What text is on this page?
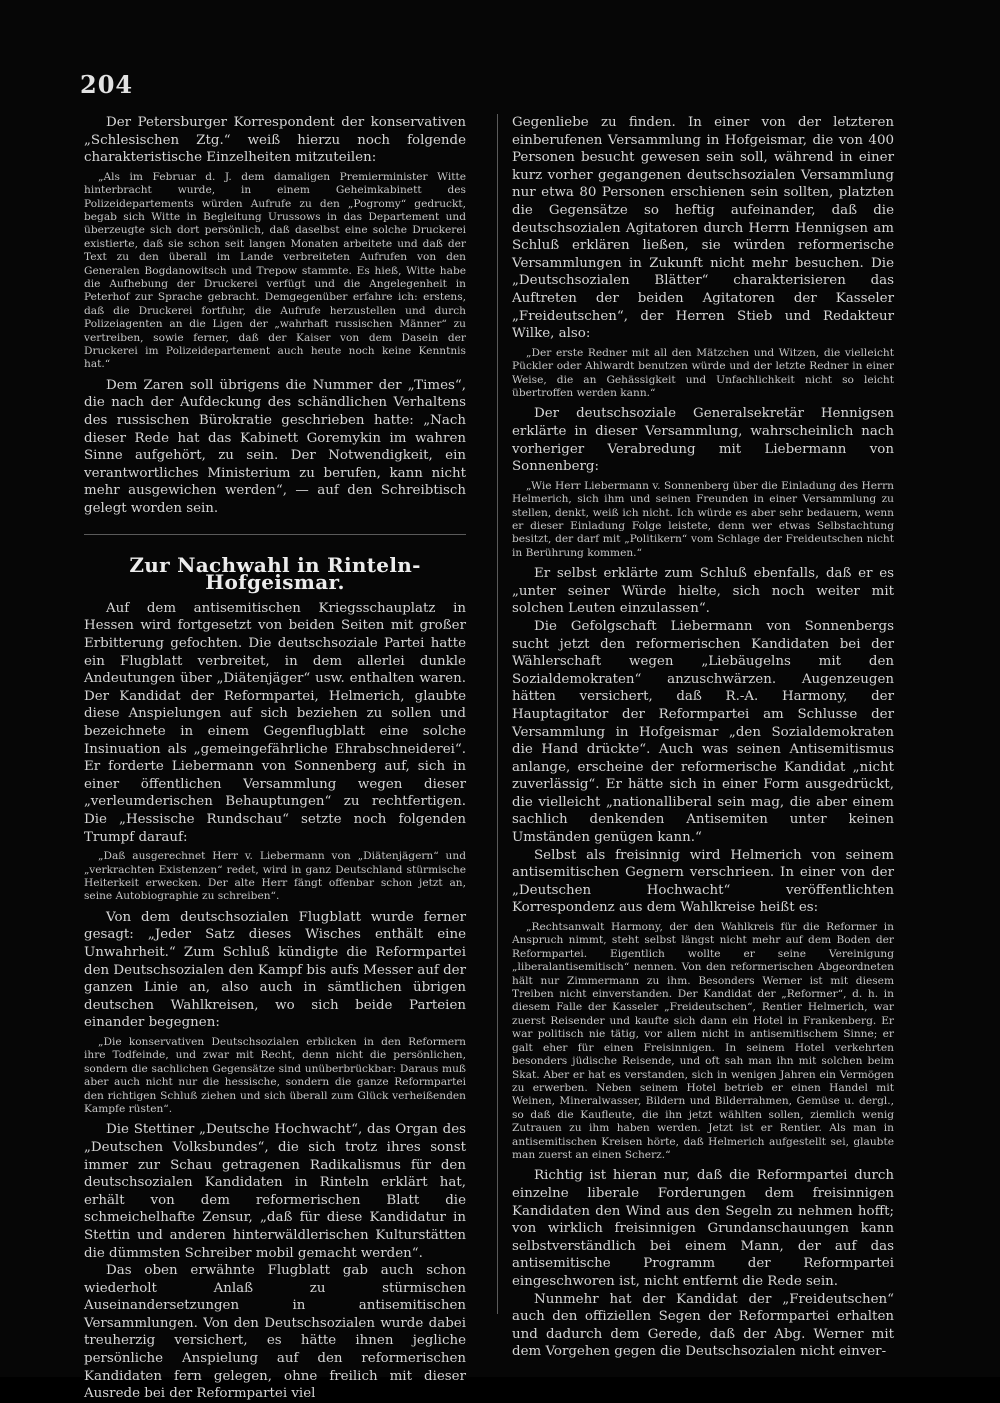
204

Der Petersburger Korrespondent der konservativen „Schlesischen Ztg.“ weiß hierzu noch folgende charakteristische Einzelheiten mitzuteilen:

„Als im Februar d. J. dem damaligen Premierminister Witte hinterbracht wurde, in einem Geheimkabinett des Polizeidepartements würden Aufrufe zu den „Pogromy“ gedruckt, begab sich Witte in Begleitung Urussows in das Departement und überzeugte sich dort persönlich, daß daselbst eine solche Druckerei existierte, daß sie schon seit langen Monaten arbeitete und daß der Text zu den überall im Lande verbreiteten Aufrufen von den Generalen Bogdanowitsch und Trepow stammte. Es hieß, Witte habe die Aufhebung der Druckerei verfügt und die Angelegenheit in Peterhof zur Sprache gebracht. Demgegenüber erfahre ich: erstens, daß die Druckerei fortfuhr, die Aufrufe herzustellen und durch Polizeiagenten an die Ligen der „wahrhaft russischen Männer“ zu vertreiben, sowie ferner, daß der Kaiser von dem Dasein der Druckerei im Polizeidepartement auch heute noch keine Kenntnis hat.“

Dem Zaren soll übrigens die Nummer der „Times“, die nach der Aufdeckung des schändlichen Verhaltens des russischen Bürokratie geschrieben hatte: „Nach dieser Rede hat das Kabinett Goremykin im wahren Sinne aufgehört, zu sein. Der Notwendigkeit, ein verantwortliches Ministerium zu berufen, kann nicht mehr ausgewichen werden“, — auf den Schreibtisch gelegt worden sein.

Zur Nachwahl in Rinteln-Hofgeismar.

Auf dem antisemitischen Kriegsschauplatz in Hessen wird fortgesetzt von beiden Seiten mit großer Erbitterung gefochten. Die deutschsoziale Partei hatte ein Flugblatt verbreitet, in dem allerlei dunkle Andeutungen über „Diätenjäger“ usw. enthalten waren. Der Kandidat der Reformpartei, Helmerich, glaubte diese Anspielungen auf sich beziehen zu sollen und bezeichnete in einem Gegenflugblatt eine solche Insinuation als „gemeingefährliche Ehrabschneiderei“. Er forderte Liebermann von Sonnenberg auf, sich in einer öffentlichen Versammlung wegen dieser „verleumderischen Behauptungen“ zu rechtfertigen. Die „Hessische Rundschau“ setzte noch folgenden Trumpf darauf:

„Daß ausgerechnet Herr v. Liebermann von „Diätenjägern“ und „verkrachten Existenzen“ redet, wird in ganz Deutschland stürmische Heiterkeit erwecken. Der alte Herr fängt offenbar schon jetzt an, seine Autobiographie zu schreiben“.

Von dem deutschsozialen Flugblatt wurde ferner gesagt: „Jeder Satz dieses Wisches enthält eine Unwahrheit.“ Zum Schluß kündigte die Reformpartei den Deutschsozialen den Kampf bis aufs Messer auf der ganzen Linie an, also auch in sämtlichen übrigen deutschen Wahlkreisen, wo sich beide Parteien einander begegnen:

„Die konservativen Deutschsozialen erblicken in den Reformern ihre Todfeinde, und zwar mit Recht, denn nicht die persönlichen, sondern die sachlichen Gegensätze sind unüberbrückbar: Daraus muß aber auch nicht nur die hessische, sondern die ganze Reformpartei den richtigen Schluß ziehen und sich überall zum Glück verheißenden Kampfe rüsten“.

Die Stettiner „Deutsche Hochwacht“, das Organ des „Deutschen Volksbundes“, die sich trotz ihres sonst immer zur Schau getragenen Radikalismus für den deutschsozialen Kandidaten in Rinteln erklärt hat, erhält von dem reformerischen Blatt die schmeichelhafte Zensur, „daß für diese Kandidatur in Stettin und anderen hinterwäldlerischen Kulturstätten die dümmsten Schreiber mobil gemacht werden“.

Das oben erwähnte Flugblatt gab auch schon wiederholt Anlaß zu stürmischen Auseinandersetzungen in antisemitischen Versammlungen. Von den Deutschsozialen wurde dabei treuherzig versichert, es hätte ihnen jegliche persönliche Anspielung auf den reformerischen Kandidaten fern gelegen, ohne freilich mit dieser Ausrede bei der Reformpartei viel

Gegenliebe zu finden. In einer von der letzteren einberufenen Versammlung in Hofgeismar, die von 400 Personen besucht gewesen sein soll, während in einer kurz vorher gegangenen deutschsozialen Versammlung nur etwa 80 Personen erschienen sein sollten, platzten die Gegensätze so heftig aufeinander, daß die deutschsozialen Agitatoren durch Herrn Hennigsen am Schluß erklären ließen, sie würden reformerische Versammlungen in Zukunft nicht mehr besuchen. Die „Deutschsozialen Blätter“ charakterisieren das Auftreten der beiden Agitatoren der Kasseler „Freideutschen“, der Herren Stieb und Redakteur Wilke, also:

„Der erste Redner mit all den Mätzchen und Witzen, die vielleicht Pückler oder Ahlwardt benutzen würde und der letzte Redner in einer Weise, die an Gehässigkeit und Unfachlichkeit nicht so leicht übertroffen werden kann.“

Der deutschsoziale Generalsekretär Hennigsen erklärte in dieser Versammlung, wahrscheinlich nach vorheriger Verabredung mit Liebermann von Sonnenberg:

„Wie Herr Liebermann v. Sonnenberg über die Einladung des Herrn Helmerich, sich ihm und seinen Freunden in einer Versammlung zu stellen, denkt, weiß ich nicht. Ich würde es aber sehr bedauern, wenn er dieser Einladung Folge leistete, denn wer etwas Selbstachtung besitzt, der darf mit „Politikern“ vom Schlage der Freideutschen nicht in Berührung kommen.“

Er selbst erklärte zum Schluß ebenfalls, daß er es „unter seiner Würde hielte, sich noch weiter mit solchen Leuten einzulassen“.

Die Gefolgschaft Liebermann von Sonnenbergs sucht jetzt den reformerischen Kandidaten bei der Wählerschaft wegen „Liebäugelns mit den Sozialdemokraten“ anzuschwärzen. Augenzeugen hätten versichert, daß R.-A. Harmony, der Hauptagitator der Reformpartei am Schlusse der Versammlung in Hofgeismar „den Sozialdemokraten die Hand drückte“. Auch was seinen Antisemitismus anlange, erscheine der reformerische Kandidat „nicht zuverlässig“. Er hätte sich in einer Form ausgedrückt, die vielleicht „nationalliberal sein mag, die aber einem sachlich denkenden Antisemiten unter keinen Umständen genügen kann.“

Selbst als freisinnig wird Helmerich von seinem antisemitischen Gegnern verschrieen. In einer von der „Deutschen Hochwacht“ veröffentlichten Korrespondenz aus dem Wahlkreise heißt es:

„Rechtsanwalt Harmony, der den Wahlkreis für die Reformer in Anspruch nimmt, steht selbst längst nicht mehr auf dem Boden der Reformpartei. Eigentlich wollte er seine Vereinigung „liberalantisemitisch“ nennen. Von den reformerischen Abgeordneten hält nur Zimmermann zu ihm. Besonders Werner ist mit diesem Treiben nicht einverstanden. Der Kandidat der „Reformer“, d. h. in diesem Falle der Kasseler „Freideutschen“, Rentier Helmerich, war zuerst Reisender und kaufte sich dann ein Hotel in Frankenberg. Er war politisch nie tätig, vor allem nicht in antisemitischem Sinne; er galt eher für einen Freisinnigen. In seinem Hotel verkehrten besonders jüdische Reisende, und oft sah man ihn mit solchen beim Skat. Aber er hat es verstanden, sich in wenigen Jahren ein Vermögen zu erwerben. Neben seinem Hotel betrieb er einen Handel mit Weinen, Mineralwasser, Bildern und Bilderrahmen, Gemüse u. dergl., so daß die Kaufleute, die ihn jetzt wählten sollen, ziemlich wenig Zutrauen zu ihm haben werden. Jetzt ist er Rentier. Als man in antisemitischen Kreisen hörte, daß Helmerich aufgestellt sei, glaubte man zuerst an einen Scherz.“

Richtig ist hieran nur, daß die Reformpartei durch einzelne liberale Forderungen dem freisinnigen Kandidaten den Wind aus den Segeln zu nehmen hofft; von wirklich freisinnigen Grundanschauungen kann selbstverständlich bei einem Mann, der auf das antisemitische Programm der Reformpartei eingeschworen ist, nicht entfernt die Rede sein.

Nunmehr hat der Kandidat der „Freideutschen“ auch den offiziellen Segen der Reformpartei erhalten und dadurch dem Gerede, daß der Abg. Werner mit dem Vorgehen gegen die Deutschsozialen nicht einver-
